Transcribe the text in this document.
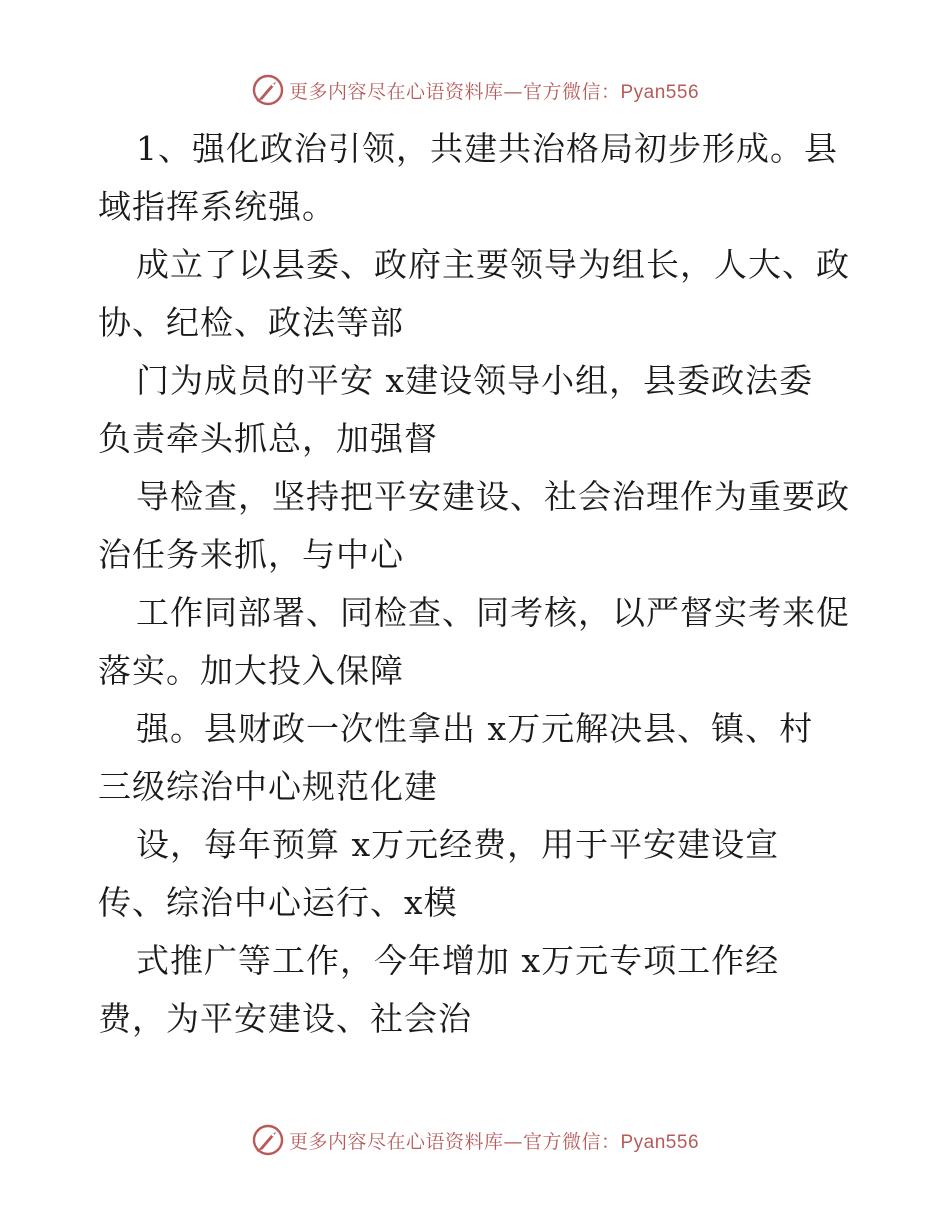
更多内容尽在心语资料库—官方微信：Pyan556
1、强化政治引领，共建共治格局初步形成。县
域指挥系统强。
成立了以县委、政府主要领导为组长，人大、政
协、纪检、政法等部
门为成员的平安 x建设领导小组，县委政法委
负责牵头抓总，加强督
导检查，坚持把平安建设、社会治理作为重要政
治任务来抓，与中心
工作同部署、同检查、同考核，以严督实考来促
落实。加大投入保障
强。县财政一次性拿出 x万元解决县、镇、村
三级综治中心规范化建
设，每年预算 x万元经费，用于平安建设宣
传、综治中心运行、x模
式推广等工作，今年增加 x万元专项工作经
费，为平安建设、社会治
更多内容尽在心语资料库—官方微信：Pyan556
